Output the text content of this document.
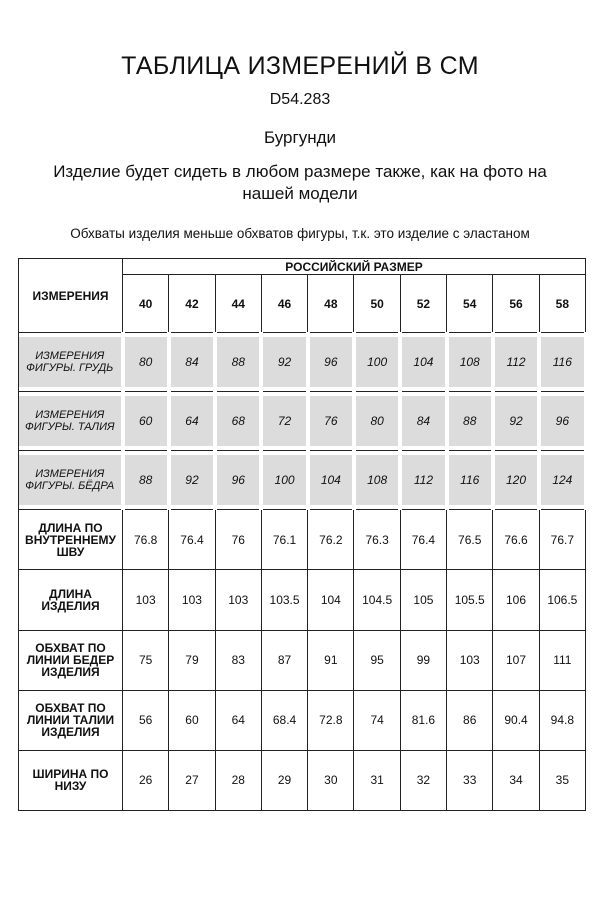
ТАБЛИЦА ИЗМЕРЕНИЙ В СМ
D54.283
Бургунди
Изделие будет сидеть в любом размере также, как на фото на нашей модели
Обхваты изделия меньше обхватов фигуры, т.к. это изделие с эластаном
ИЗМЕРЕНИЯ	РОССИЙСКИЙ РАЗМЕР									
	40	42	44	46	48	50	52	54	56	58
ИЗМЕРЕНИЯ ФИГУРЫ. ГРУДЬ	80	84	88	92	96	100	104	108	112	116
ИЗМЕРЕНИЯ ФИГУРЫ. ТАЛИЯ	60	64	68	72	76	80	84	88	92	96
ИЗМЕРЕНИЯ ФИГУРЫ. БЁДРА	88	92	96	100	104	108	112	116	120	124
ДЛИНА ПО ВНУТРЕННЕМУ ШВУ	76.8	76.4	76	76.1	76.2	76.3	76.4	76.5	76.6	76.7
ДЛИНА ИЗДЕЛИЯ	103	103	103	103.5	104	104.5	105	105.5	106	106.5
ОБХВАТ ПО ЛИНИИ БЕДЕР ИЗДЕЛИЯ	75	79	83	87	91	95	99	103	107	111
ОБХВАТ ПО ЛИНИИ ТАЛИИ ИЗДЕЛИЯ	56	60	64	68.4	72.8	74	81.6	86	90.4	94.8
ШИРИНА ПО НИЗУ	26	27	28	29	30	31	32	33	34	35
